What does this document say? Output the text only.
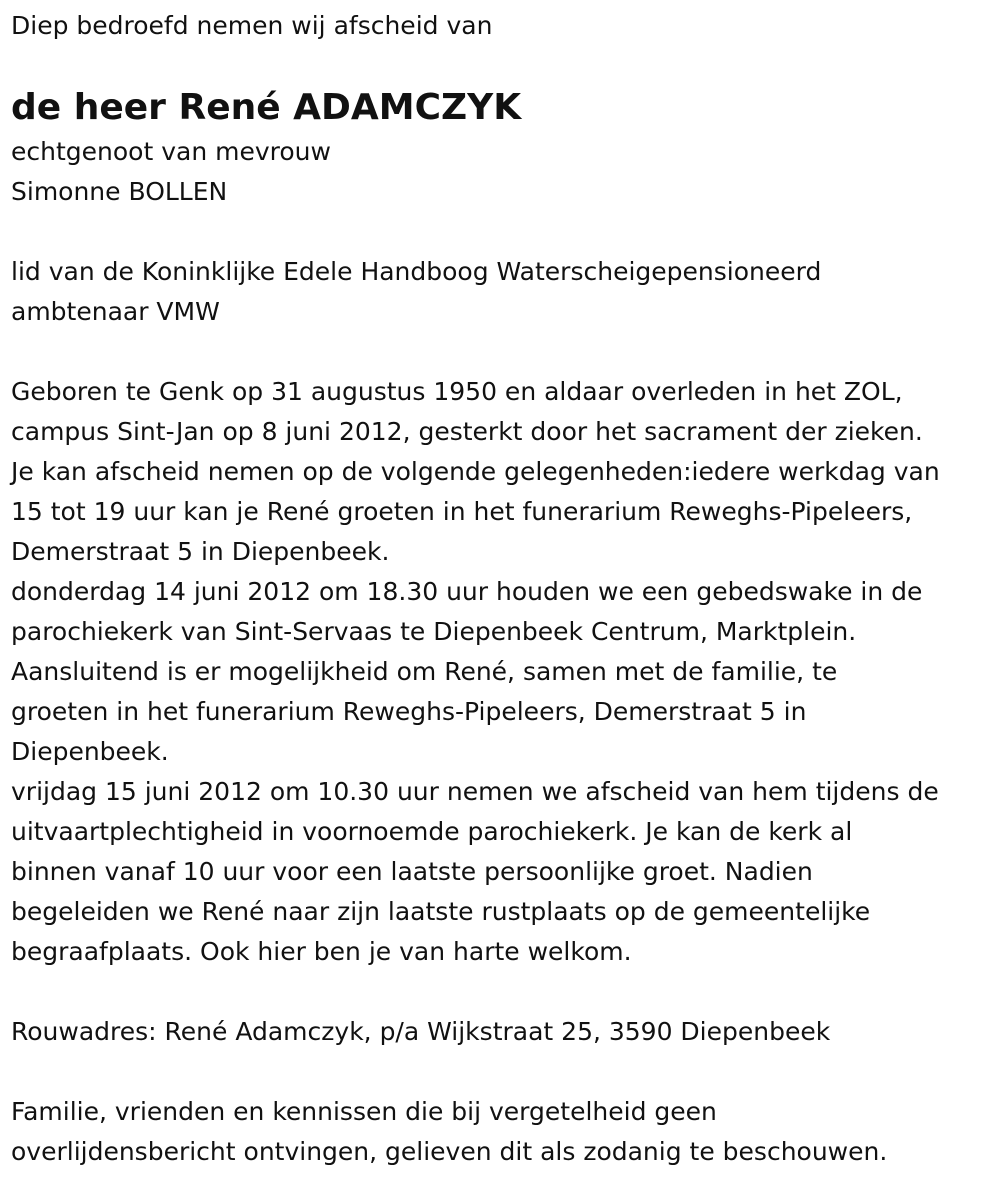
Diep bedroefd nemen wij afscheid van

de heer René ADAMCZYK

echtgenoot van mevrouw

Simonne BOLLEN

lid van de Koninklijke Edele Handboog Waterscheigepensioneerd

ambtenaar VMW

Geboren te Genk op 31 augustus 1950 en aldaar overleden in het ZOL,

campus Sint-Jan op 8 juni 2012, gesterkt door het sacrament der zieken.

Je kan afscheid nemen op de volgende gelegenheden:iedere werkdag van

15 tot 19 uur kan je René groeten in het funerarium Reweghs-Pipeleers,

Demerstraat 5 in Diepenbeek.

donderdag 14 juni 2012 om 18.30 uur houden we een gebedswake in de

parochiekerk van Sint-Servaas te Diepenbeek Centrum, Marktplein.

Aansluitend is er mogelijkheid om René, samen met de familie, te

groeten in het funerarium Reweghs-Pipeleers, Demerstraat 5 in

Diepenbeek.

vrijdag 15 juni 2012 om 10.30 uur nemen we afscheid van hem tijdens de

uitvaartplechtigheid in voornoemde parochiekerk. Je kan de kerk al

binnen vanaf 10 uur voor een laatste persoonlijke groet. Nadien

begeleiden we René naar zijn laatste rustplaats op de gemeentelijke

begraafplaats. Ook hier ben je van harte welkom.

Rouwadres: René Adamczyk, p/a Wijkstraat 25, 3590 Diepenbeek

Familie, vrienden en kennissen die bij vergetelheid geen

overlijdensbericht ontvingen, gelieven dit als zodanig te beschouwen.
